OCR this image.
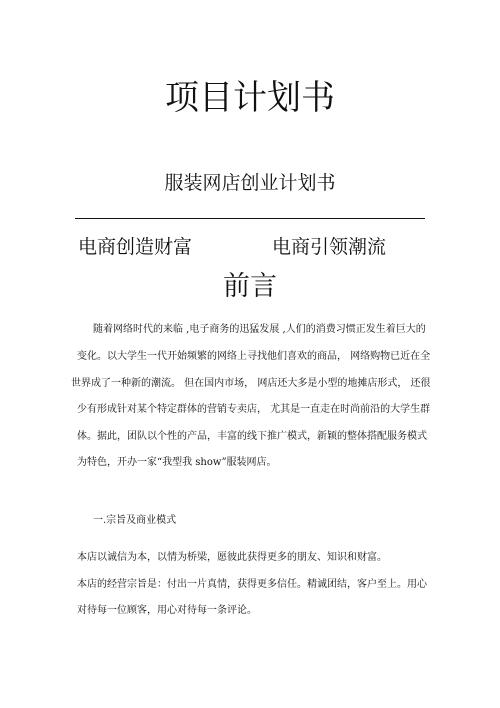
项目计划书
服装网店创业计划书
电商创造财富	电商引领潮流
前言
随着网络时代的来临 ,电子商务的迅猛发展 ,人们的消费习惯正发生着巨大的
变化。以大学生一代开始频繁的网络上寻找他们喜欢的商品， 网络购物已近在全
世界成了一种新的潮流。 但在国内市场， 网店还大多是小型的地摊店形式， 还很
少有形成针对某个特定群体的营销专卖店， 尤其是一直走在时尚前沿的大学生群
体。据此，团队以个性的产品，丰富的线下推广模式，新颖的整体搭配服务模式
为特色，开办一家“我型我 show”服装网店。
一.宗旨及商业模式
本店以诚信为本，以情为桥梁，愿彼此获得更多的朋友、知识和财富。
本店的经营宗旨是：付出一片真情，获得更多信任。精诚团结，客户至上。用心
对待每一位顾客，用心对待每一条评论。
